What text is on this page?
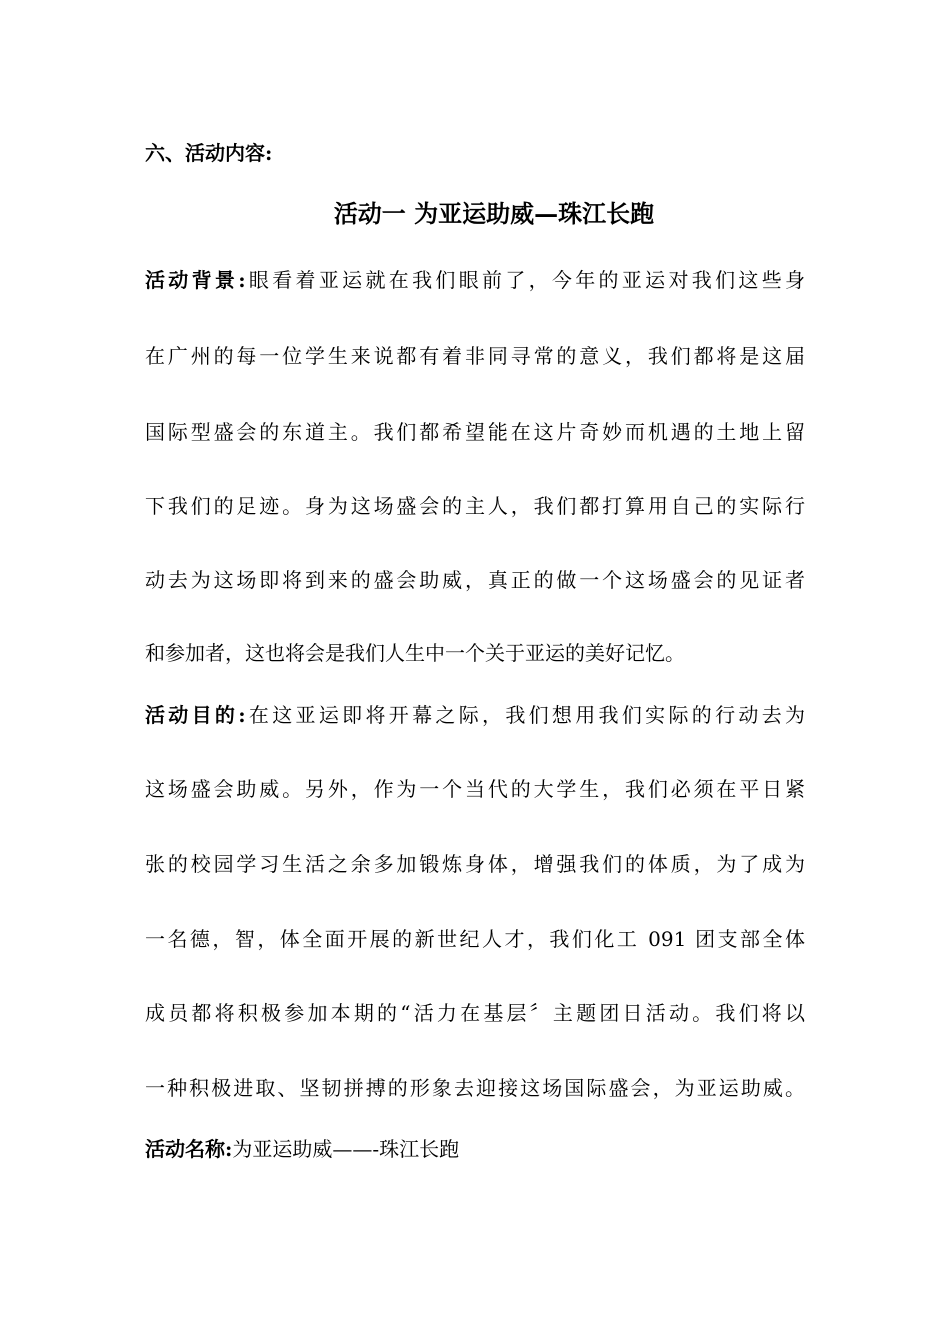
六、活动内容:
活动一 为亚运助威—珠江长跑
活动背景:眼看着亚运就在我们眼前了，今年的亚运对我们这些身
在广州的每一位学生来说都有着非同寻常的意义，我们都将是这届
国际型盛会的东道主。我们都希望能在这片奇妙而机遇的土地上留
下我们的足迹。身为这场盛会的主人，我们都打算用自己的实际行
动去为这场即将到来的盛会助威，真正的做一个这场盛会的见证者
和参加者，这也将会是我们人生中一个关于亚运的美好记忆。
活动目的:在这亚运即将开幕之际，我们想用我们实际的行动去为
这场盛会助威。另外，作为一个当代的大学生，我们必须在平日紧
张的校园学习生活之余多加锻炼身体，增强我们的体质，为了成为
一名德，智，体全面开展的新世纪人才，我们化工 091 团支部全体
成员都将积极参加本期的“活力在基层〞主题团日活动。我们将以
一种积极进取、坚韧拼搏的形象去迎接这场国际盛会，为亚运助威。
活动名称:为亚运助威——-珠江长跑
